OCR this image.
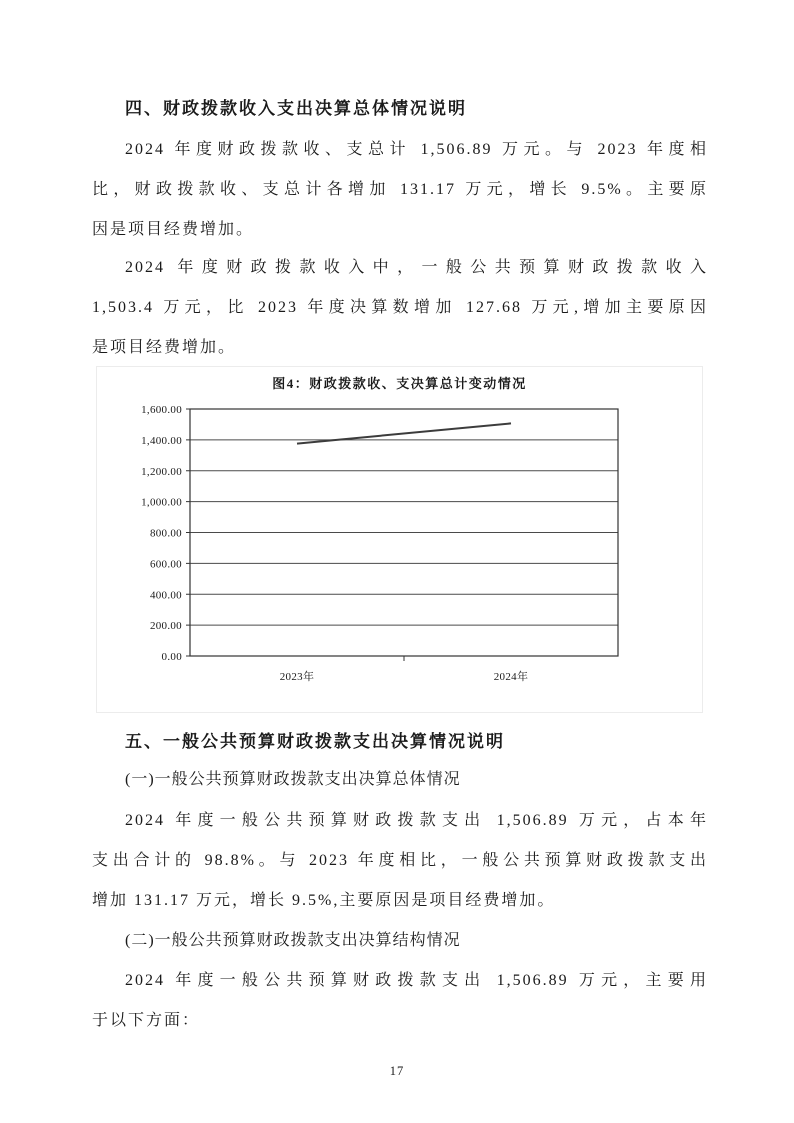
四、财政拨款收入支出决算总体情况说明
2024 年度财政拨款收、支总计 1,506.89 万元。与 2023 年度相
比，财政拨款收、支总计各增加 131.17 万元，增长 9.5%。主要原
因是项目经费增加。
2024 年度财政拨款收入中，一般公共预算财政拨款收入
1,503.4 万元，比 2023 年度决算数增加 127.68 万元,增加主要原因
是项目经费增加。
图4：财政拨款收、支决算总计变动情况
0.00
200.00
400.00
600.00
800.00
1,000.00
1,200.00
1,400.00
1,600.00
2023年	2024年
五、一般公共预算财政拨款支出决算情况说明
(一)一般公共预算财政拨款支出决算总体情况
2024 年度一般公共预算财政拨款支出 1,506.89 万元，占本年
支出合计的 98.8%。与 2023 年度相比，一般公共预算财政拨款支出
增加 131.17 万元，增长 9.5%,主要原因是项目经费增加。
(二)一般公共预算财政拨款支出决算结构情况
2024 年度一般公共预算财政拨款支出 1,506.89 万元，主要用
于以下方面：
17
